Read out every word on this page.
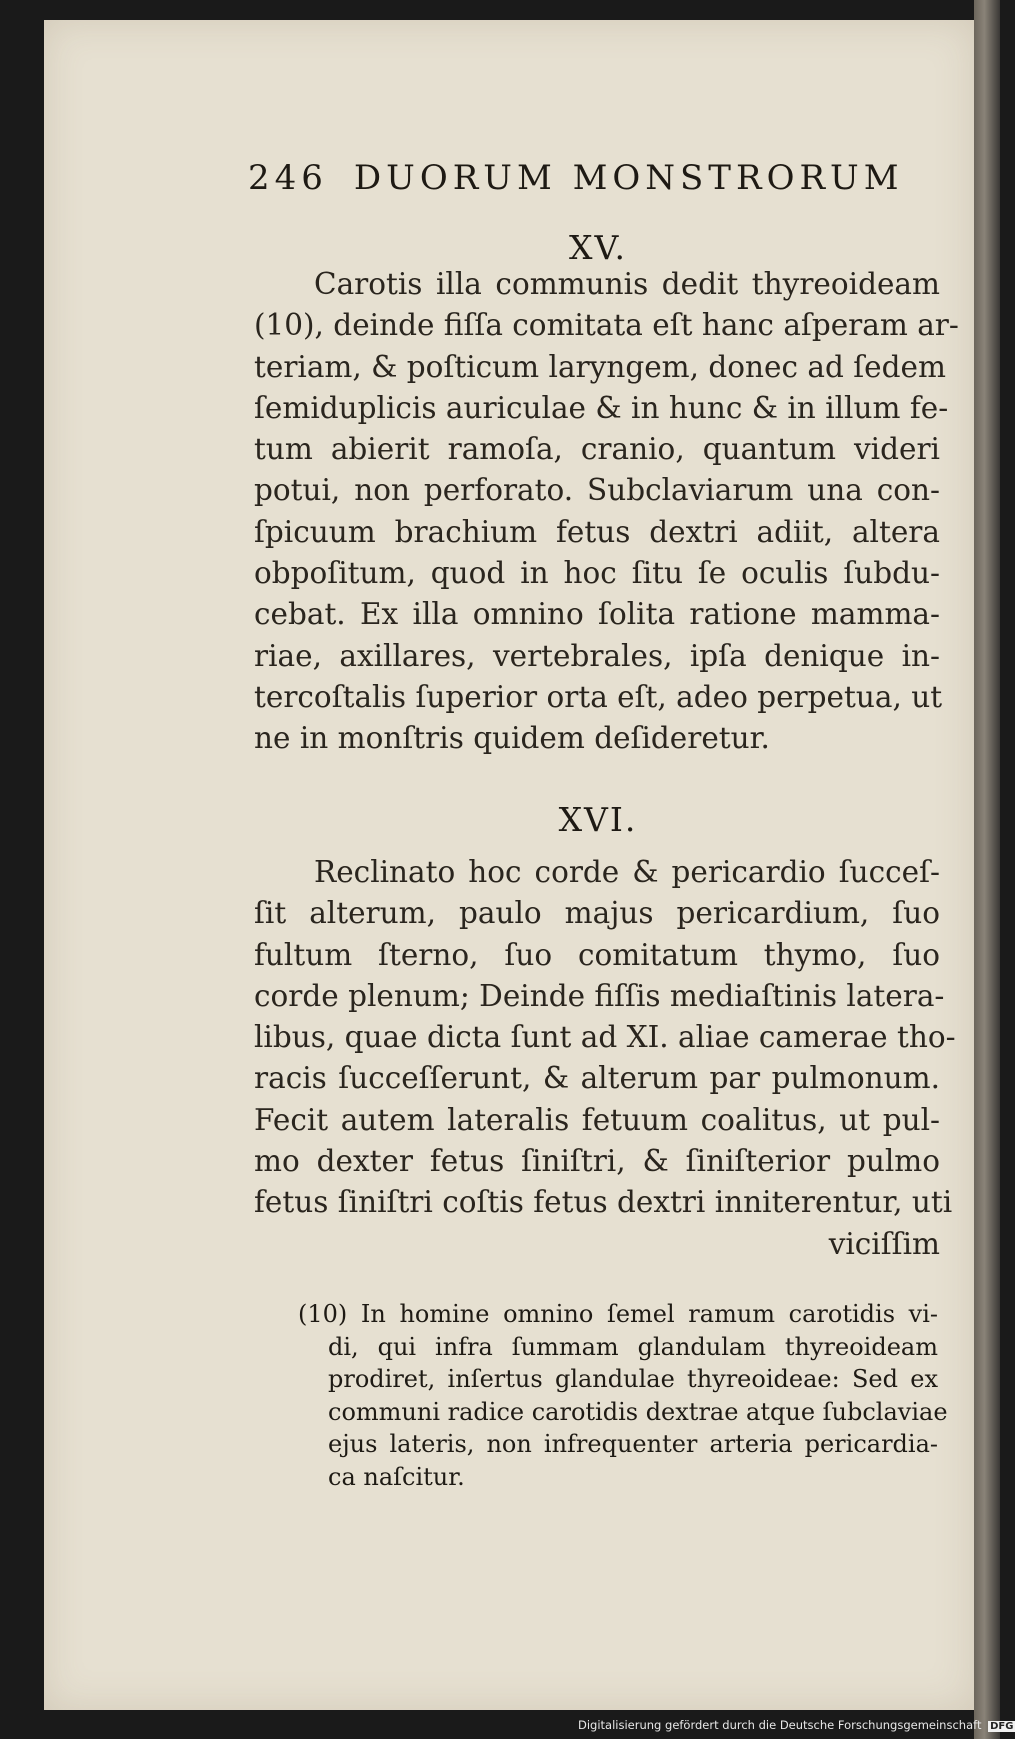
246 DUORUM MONSTRORUM
XV.
Carotis illa communis dedit thyreoideam
(10), deinde fiſſa comitata eſt hanc aſperam ar-
teriam, & poſticum laryngem, donec ad ſedem
ſemiduplicis auriculae & in hunc & in illum fe-
tum abierit ramoſa, cranio, quantum videri
potui, non perforato. Subclaviarum una con-
ſpicuum brachium fetus dextri adiit, altera
obpoſitum, quod in hoc ſitu ſe oculis ſubdu-
cebat. Ex illa omnino ſolita ratione mamma-
riae, axillares, vertebrales, ipſa denique in-
tercoſtalis ſuperior orta eſt, adeo perpetua, ut
ne in monſtris quidem deſideretur.
XVI.
Reclinato hoc corde & pericardio ſucceſ-
ſit alterum, paulo majus pericardium, ſuo
fultum ſterno, ſuo comitatum thymo, ſuo
corde plenum; Deinde fiſſis mediaſtinis latera-
libus, quae dicta ſunt ad XI. aliae camerae tho-
racis ſucceſſerunt, & alterum par pulmonum.
Fecit autem lateralis fetuum coalitus, ut pul-
mo dexter fetus ſiniſtri, & ſiniſterior pulmo
fetus ſiniſtri coſtis fetus dextri inniterentur, uti
viciſſim
(10) In homine omnino ſemel ramum carotidis vi-
di, qui infra ſummam glandulam thyreoideam
prodiret, inſertus glandulae thyreoideae: Sed ex
communi radice carotidis dextrae atque ſubclaviae
ejus lateris, non infrequenter arteria pericardia-
ca naſcitur.
Digitalisierung gefördert durch die Deutsche Forschungsgemeinschaft DFG
